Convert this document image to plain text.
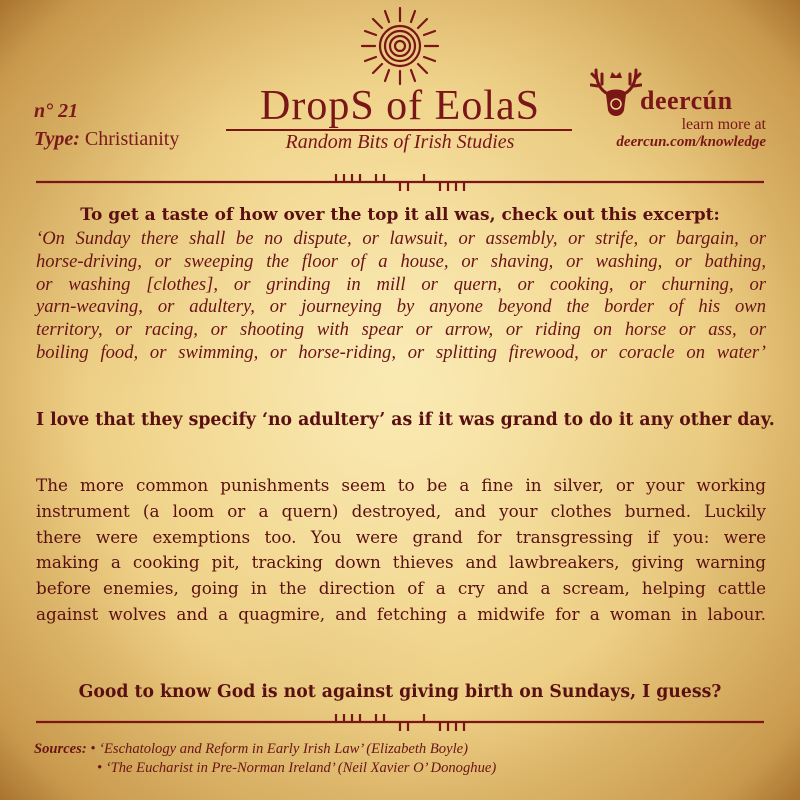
n° 21
Type: Christianity
DropS of EolaS
Random Bits of Irish Studies
deercún
learn more at
deercun.com/knowledge
To get a taste of how over the top it all was, check out this excerpt:
‘On Sunday there shall be no dispute, or lawsuit, or assembly, or strife, or bargain, or
horse-driving, or sweeping the floor of a house, or shaving, or washing, or bathing,
or washing [clothes], or grinding in mill or quern, or cooking, or churning, or
yarn-weaving, or adultery, or journeying by anyone beyond the border of his own
territory, or racing, or shooting with spear or arrow, or riding on horse or ass, or
boiling food, or swimming, or horse-riding, or splitting firewood, or coracle on water’
I love that they specify ‘no adultery’ as if it was grand to do it any other day.
The more common punishments seem to be a fine in silver, or your working
instrument (a loom or a quern) destroyed, and your clothes burned. Luckily
there were exemptions too. You were grand for transgressing if you: were
making a cooking pit, tracking down thieves and lawbreakers, giving warning
before enemies, going in the direction of a cry and a scream, helping cattle
against wolves and a quagmire, and fetching a midwife for a woman in labour.
Good to know God is not against giving birth on Sundays, I guess?
Sources: • ‘Eschatology and Reform in Early Irish Law’ (Elizabeth Boyle)
• ‘The Eucharist in Pre-Norman Ireland’ (Neil Xavier O’ Donoghue)
